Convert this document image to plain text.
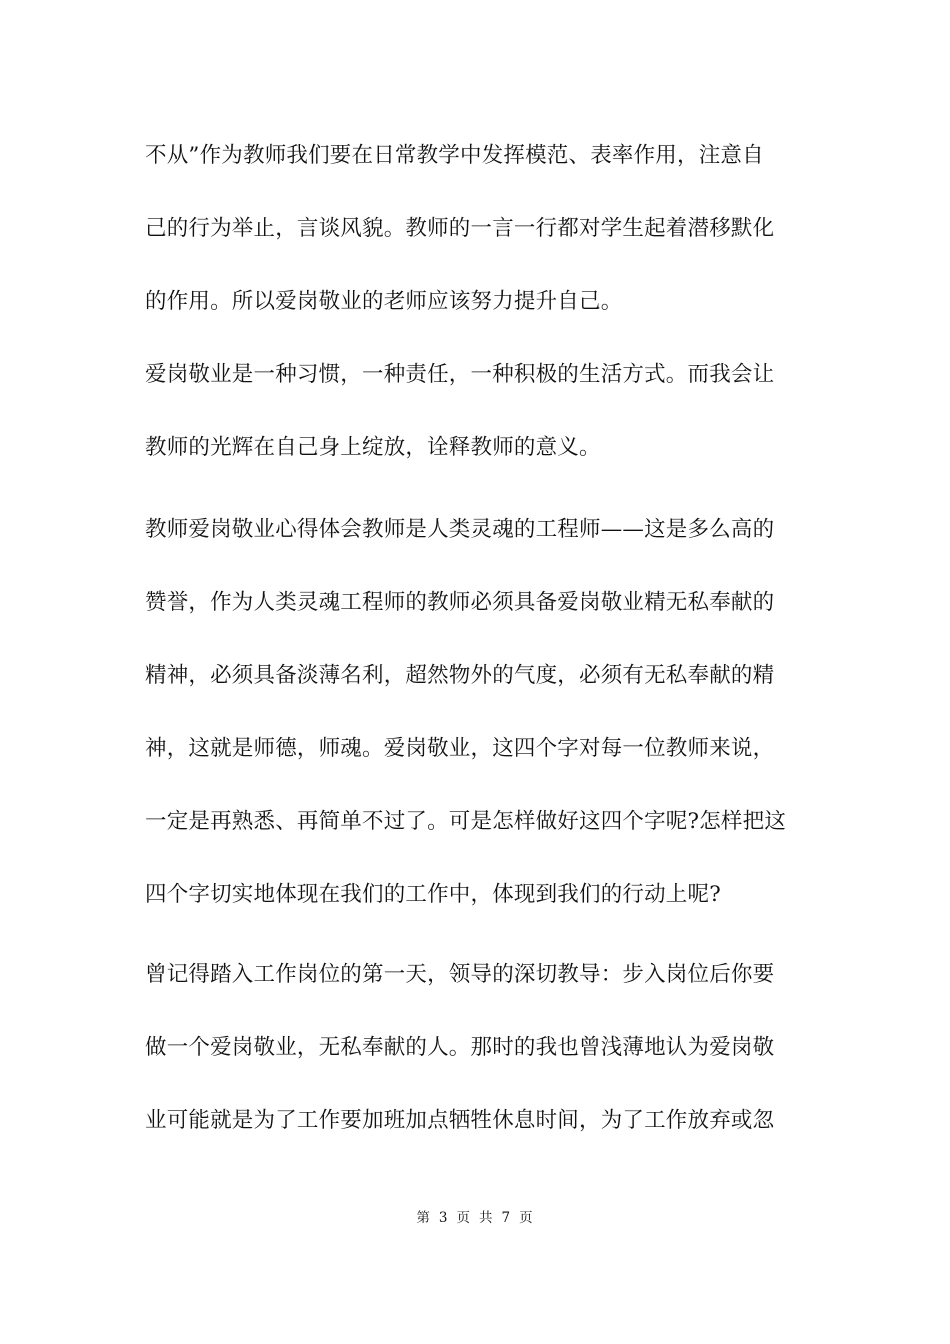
不从”作为教师我们要在日常教学中发挥模范、表率作用，注意自
己的行为举止，言谈风貌。教师的一言一行都对学生起着潜移默化
的作用。所以爱岗敬业的老师应该努力提升自己。
爱岗敬业是一种习惯，一种责任，一种积极的生活方式。而我会让
教师的光辉在自己身上绽放，诠释教师的意义。
教师爱岗敬业心得体会教师是人类灵魂的工程师——这是多么高的
赞誉，作为人类灵魂工程师的教师必须具备爱岗敬业精无私奉献的
精神，必须具备淡薄名利，超然物外的气度，必须有无私奉献的精
神，这就是师德，师魂。爱岗敬业，这四个字对每一位教师来说，
一定是再熟悉、再简单不过了。可是怎样做好这四个字呢?怎样把这
四个字切实地体现在我们的工作中，体现到我们的行动上呢?
曾记得踏入工作岗位的第一天，领导的深切教导：步入岗位后你要
做一个爱岗敬业，无私奉献的人。那时的我也曾浅薄地认为爱岗敬
业可能就是为了工作要加班加点牺牲休息时间，为了工作放弃或忽
第 3 页 共 7 页
